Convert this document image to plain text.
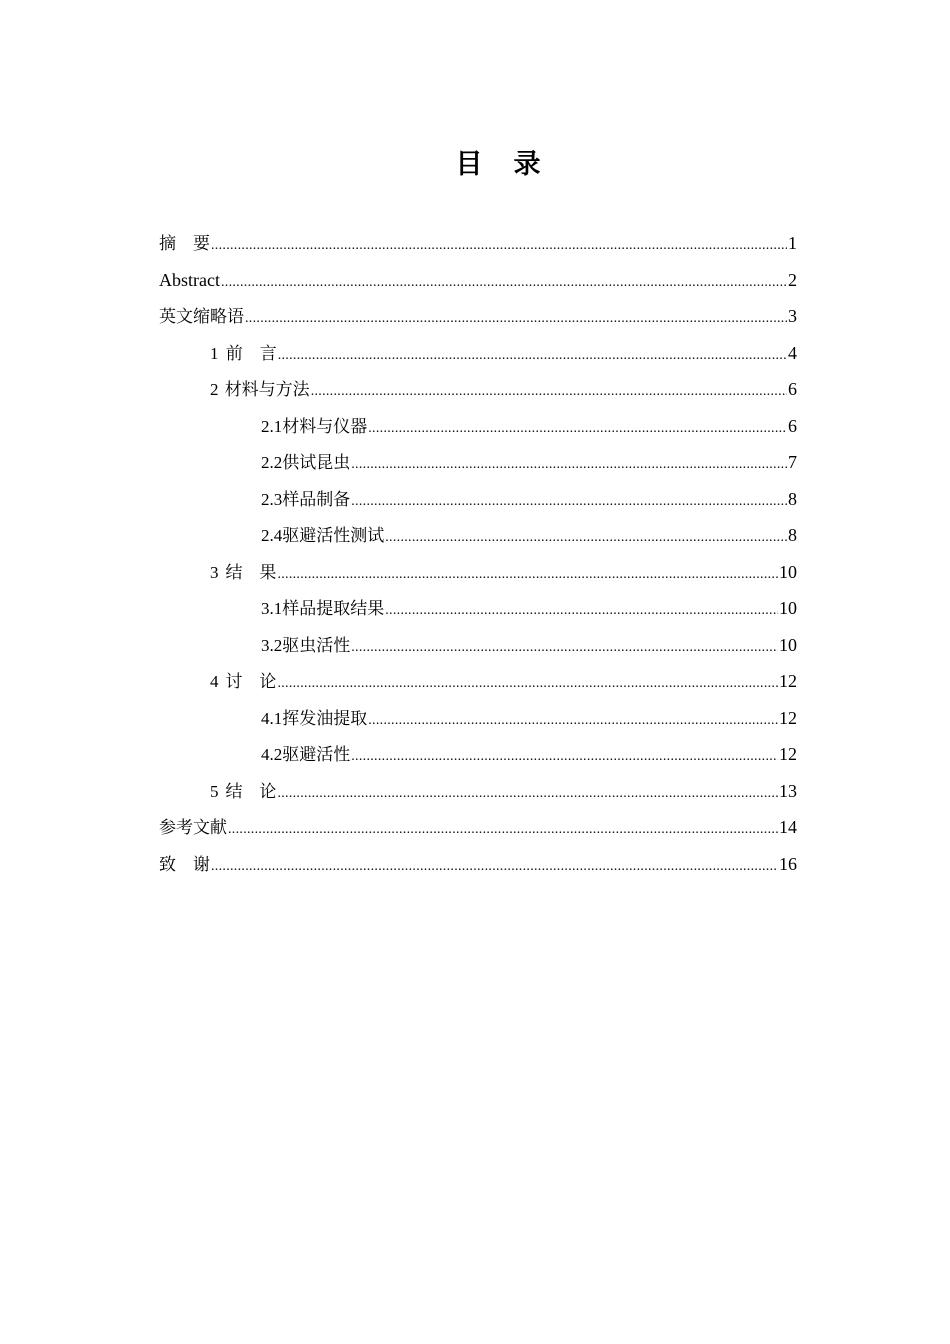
目　录
摘　要 .....	1
Abstract .....	2
英文缩略语 .....	3
1 前　言 .....	4
2 材料与方法 .....	6
2.1 材料与仪器 .....	6
2.2 供试昆虫 .....	7
2.3 样品制备 .....	8
2.4 驱避活性测试 .....	8
3 结　果 .....	10
3.1 样品提取结果 .....	10
3.2 驱虫活性 .....	10
4 讨　论 .....	12
4.1 挥发油提取 .....	12
4.2 驱避活性 .....	12
5 结　论 .....	13
参考文献 .....	14
致　谢 .....	16
